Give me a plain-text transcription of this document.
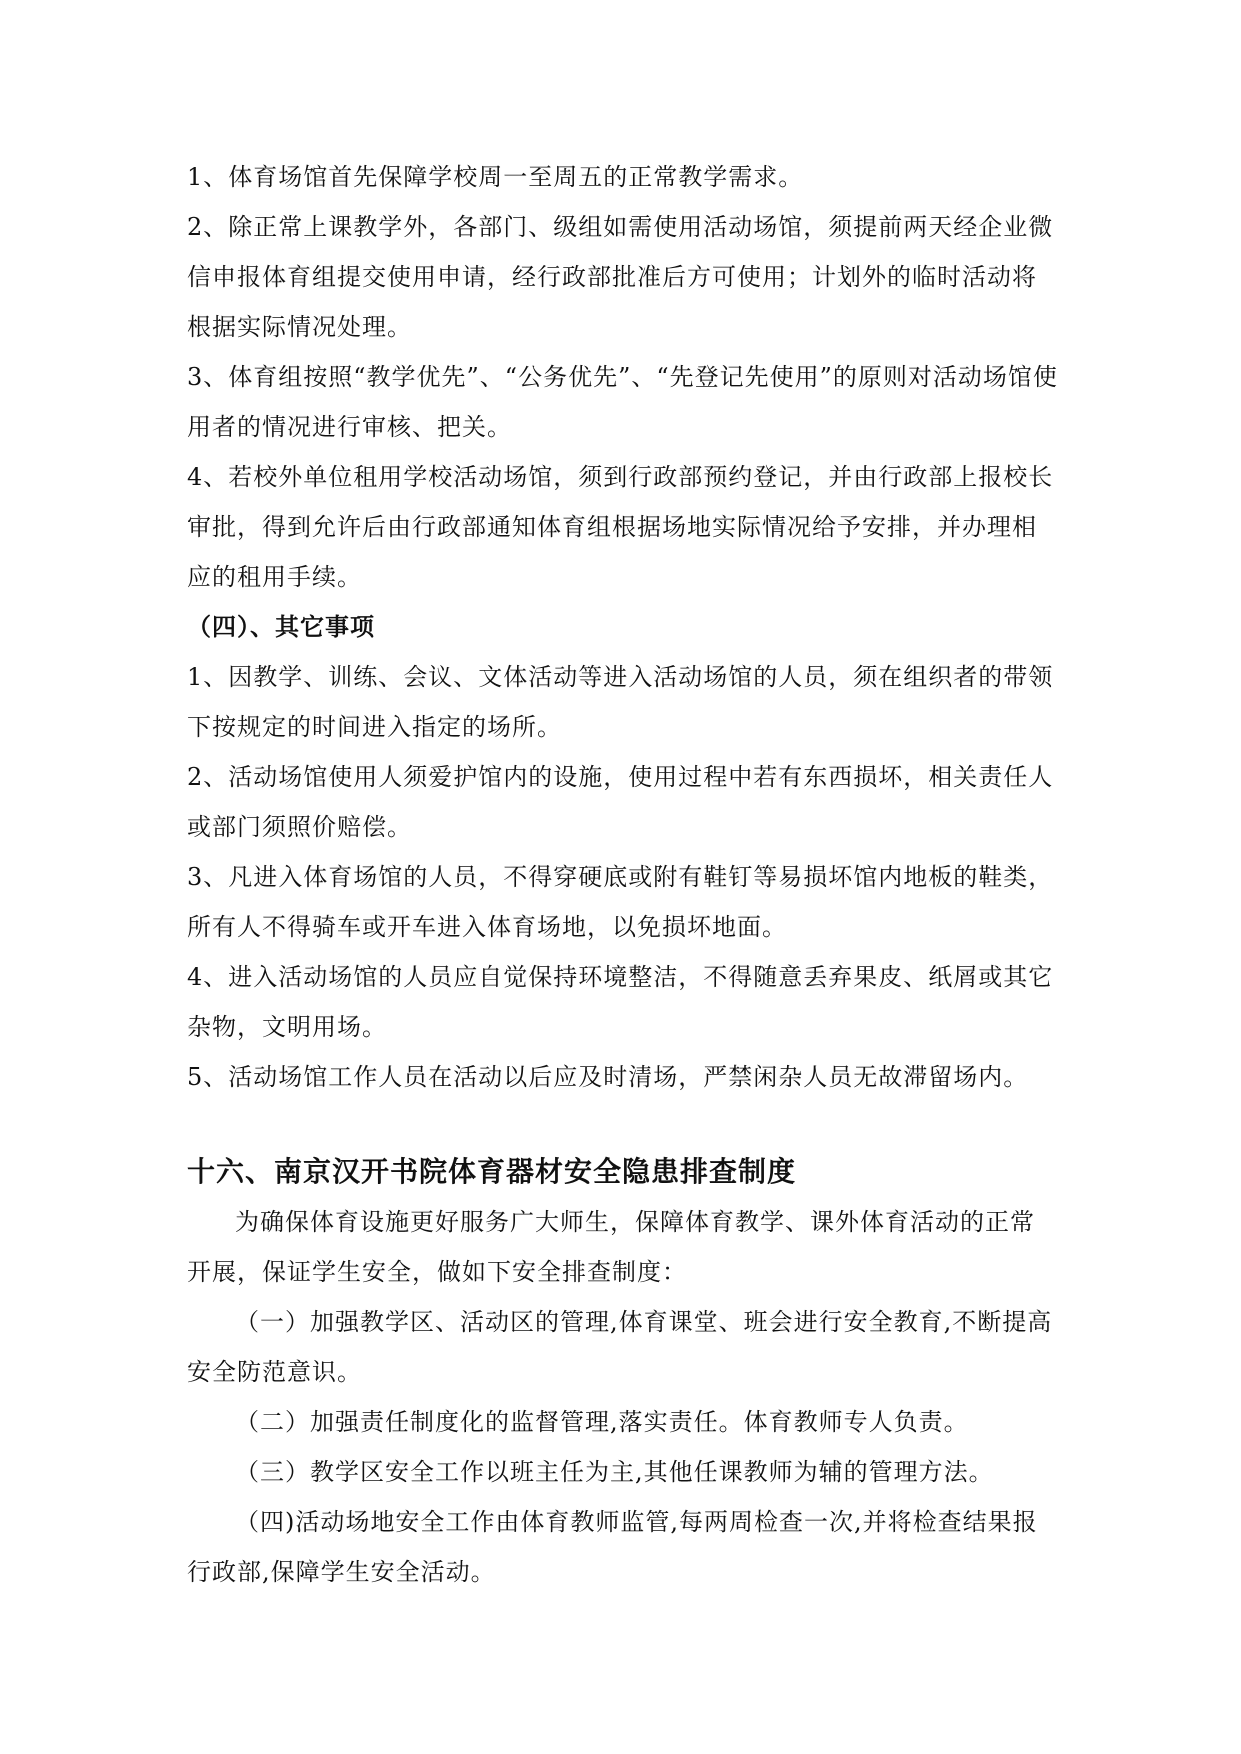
1、体育场馆首先保障学校周一至周五的正常教学需求。

2、除正常上课教学外，各部门、级组如需使用活动场馆，须提前两天经企业微信申报体育组提交使用申请，经行政部批准后方可使用；计划外的临时活动将根据实际情况处理。

3、体育组按照“教学优先”、“公务优先”、“先登记先使用”的原则对活动场馆使用者的情况进行审核、把关。

4、若校外单位租用学校活动场馆，须到行政部预约登记，并由行政部上报校长审批，得到允许后由行政部通知体育组根据场地实际情况给予安排，并办理相应的租用手续。

（四）、其它事项

1、因教学、训练、会议、文体活动等进入活动场馆的人员，须在组织者的带领下按规定的时间进入指定的场所。

2、活动场馆使用人须爱护馆内的设施，使用过程中若有东西损坏，相关责任人或部门须照价赔偿。

3、凡进入体育场馆的人员，不得穿硬底或附有鞋钉等易损坏馆内地板的鞋类，所有人不得骑车或开车进入体育场地，以免损坏地面。

4、进入活动场馆的人员应自觉保持环境整洁，不得随意丢弃果皮、纸屑或其它杂物，文明用场。

5、活动场馆工作人员在活动以后应及时清场，严禁闲杂人员无故滞留场内。

十六、南京汉开书院体育器材安全隐患排查制度

为确保体育设施更好服务广大师生，保障体育教学、课外体育活动的正常开展，保证学生安全，做如下安全排查制度：

（一）加强教学区、活动区的管理,体育课堂、班会进行安全教育,不断提高安全防范意识。

（二）加强责任制度化的监督管理,落实责任。体育教师专人负责。

（三）教学区安全工作以班主任为主,其他任课教师为辅的管理方法。

（四)活动场地安全工作由体育教师监管,每两周检查一次,并将检查结果报行政部,保障学生安全活动。
